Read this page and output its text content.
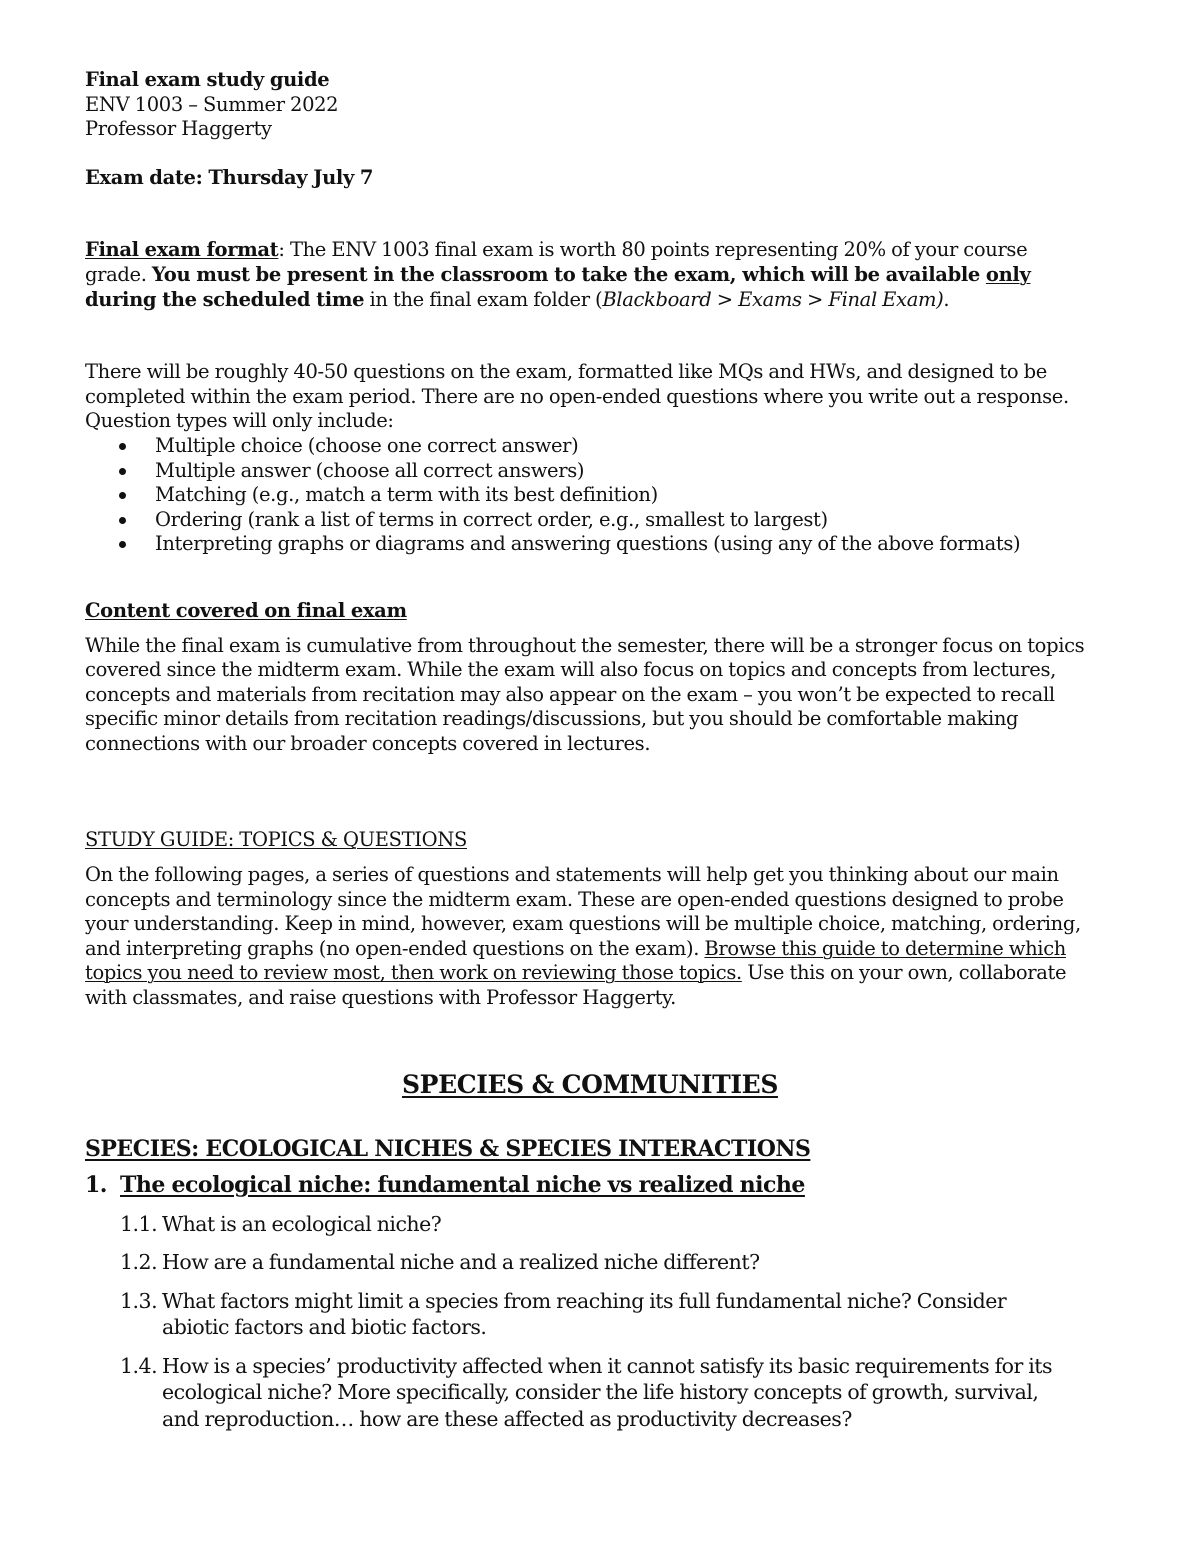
Final exam study guide
ENV 1003 – Summer 2022
Professor Haggerty
Exam date: Thursday July 7
Final exam format: The ENV 1003 final exam is worth 80 points representing 20% of your course
grade. You must be present in the classroom to take the exam, which will be available only
during the scheduled time in the final exam folder (Blackboard > Exams > Final Exam).
There will be roughly 40-50 questions on the exam, formatted like MQs and HWs, and designed to be
completed within the exam period. There are no open-ended questions where you write out a response.
Question types will only include:
Multiple choice (choose one correct answer)
Multiple answer (choose all correct answers)
Matching (e.g., match a term with its best definition)
Ordering (rank a list of terms in correct order, e.g., smallest to largest)
Interpreting graphs or diagrams and answering questions (using any of the above formats)
Content covered on final exam
While the final exam is cumulative from throughout the semester, there will be a stronger focus on topics
covered since the midterm exam. While the exam will also focus on topics and concepts from lectures,
concepts and materials from recitation may also appear on the exam – you won’t be expected to recall
specific minor details from recitation readings/discussions, but you should be comfortable making
connections with our broader concepts covered in lectures.
STUDY GUIDE: TOPICS & QUESTIONS
On the following pages, a series of questions and statements will help get you thinking about our main
concepts and terminology since the midterm exam. These are open-ended questions designed to probe
your understanding. Keep in mind, however, exam questions will be multiple choice, matching, ordering,
and interpreting graphs (no open-ended questions on the exam). Browse this guide to determine which
topics you need to review most, then work on reviewing those topics. Use this on your own, collaborate
with classmates, and raise questions with Professor Haggerty.
SPECIES & COMMUNITIES
SPECIES: ECOLOGICAL NICHES & SPECIES INTERACTIONS
1. The ecological niche: fundamental niche vs realized niche
1.1. What is an ecological niche?
1.2. How are a fundamental niche and a realized niche different?
1.3. What factors might limit a species from reaching its full fundamental niche? Consider
abiotic factors and biotic factors.
1.4. How is a species’ productivity affected when it cannot satisfy its basic requirements for its
ecological niche? More specifically, consider the life history concepts of growth, survival,
and reproduction… how are these affected as productivity decreases?
